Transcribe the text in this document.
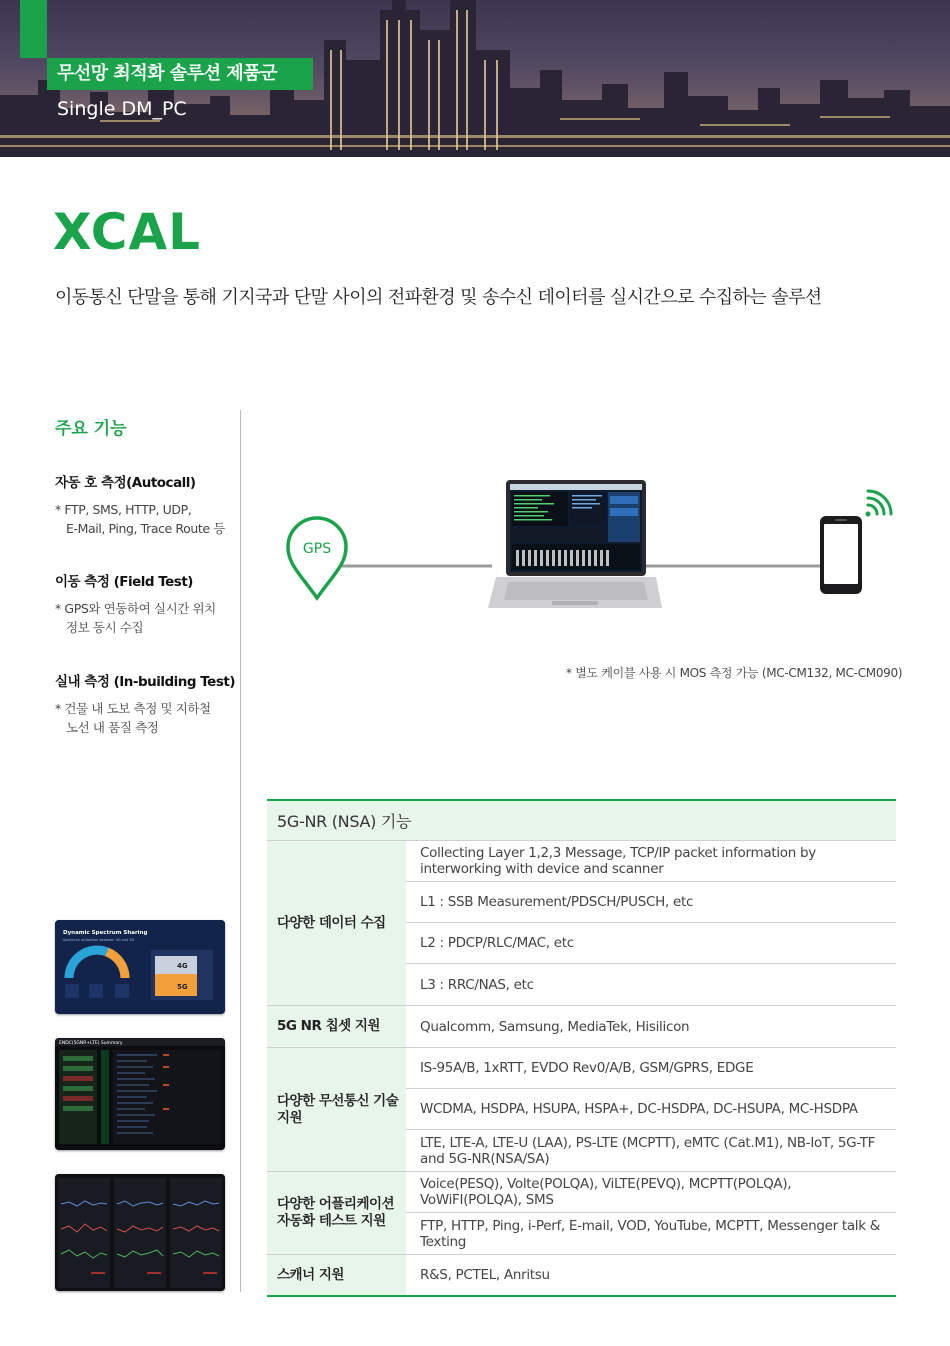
무선망 최적화 솔루션 제품군
Single DM_PC
XCAL
이동통신 단말을 통해 기지국과 단말 사이의 전파환경 및 송수신 데이터를 실시간으로 수집하는 솔루션
주요 기능
자동 호 측정(Autocall)

* FTP, SMS, HTTP, UDP,

E-Mail, Ping, Trace Route 등

이동 측정 (Field Test)

* GPS와 연동하여 실시간 위치

정보 동시 수집

실내 측정 (In-building Test)

* 건물 내 도보 측정 및 지하철

노선 내 품질 측정

Dynamic Spectrum Sharing
Spectrum utilization between 4G and 5G
4G
5G
ENDC(5GNR+LTE) Summary
GPS
* 별도 케이블 사용 시 MOS 측정 가능 (MC-CM132, MC-CM090)
5G-NR (NSA) 기능
다양한 데이터 수집
Collecting Layer 1,2,3 Message, TCP/IP packet information by interworking with device and scanner
L1 : SSB Measurement/PDSCH/PUSCH, etc
L2 : PDCP/RLC/MAC, etc
L3 : RRC/NAS, etc
5G NR 칩셋 지원	Qualcomm, Samsung, MediaTek, Hisilicon
다양한 무선통신 기술 지원
IS-95A/B, 1xRTT, EVDO Rev0/A/B, GSM/GPRS, EDGE
WCDMA, HSDPA, HSUPA, HSPA+, DC-HSDPA, DC-HSUPA, MC-HSDPA
LTE, LTE-A, LTE-U (LAA), PS-LTE (MCPTT), eMTC (Cat.M1), NB-IoT, 5G-TF and 5G-NR(NSA/SA)
다양한 어플리케이션 자동화 테스트 지원
Voice(PESQ), Volte(POLQA), ViLTE(PEVQ), MCPTT(POLQA), VoWiFI(POLQA), SMS
FTP, HTTP, Ping, i-Perf, E-mail, VOD, YouTube, MCPTT, Messenger talk & Texting
스캐너 지원	R&S, PCTEL, Anritsu
